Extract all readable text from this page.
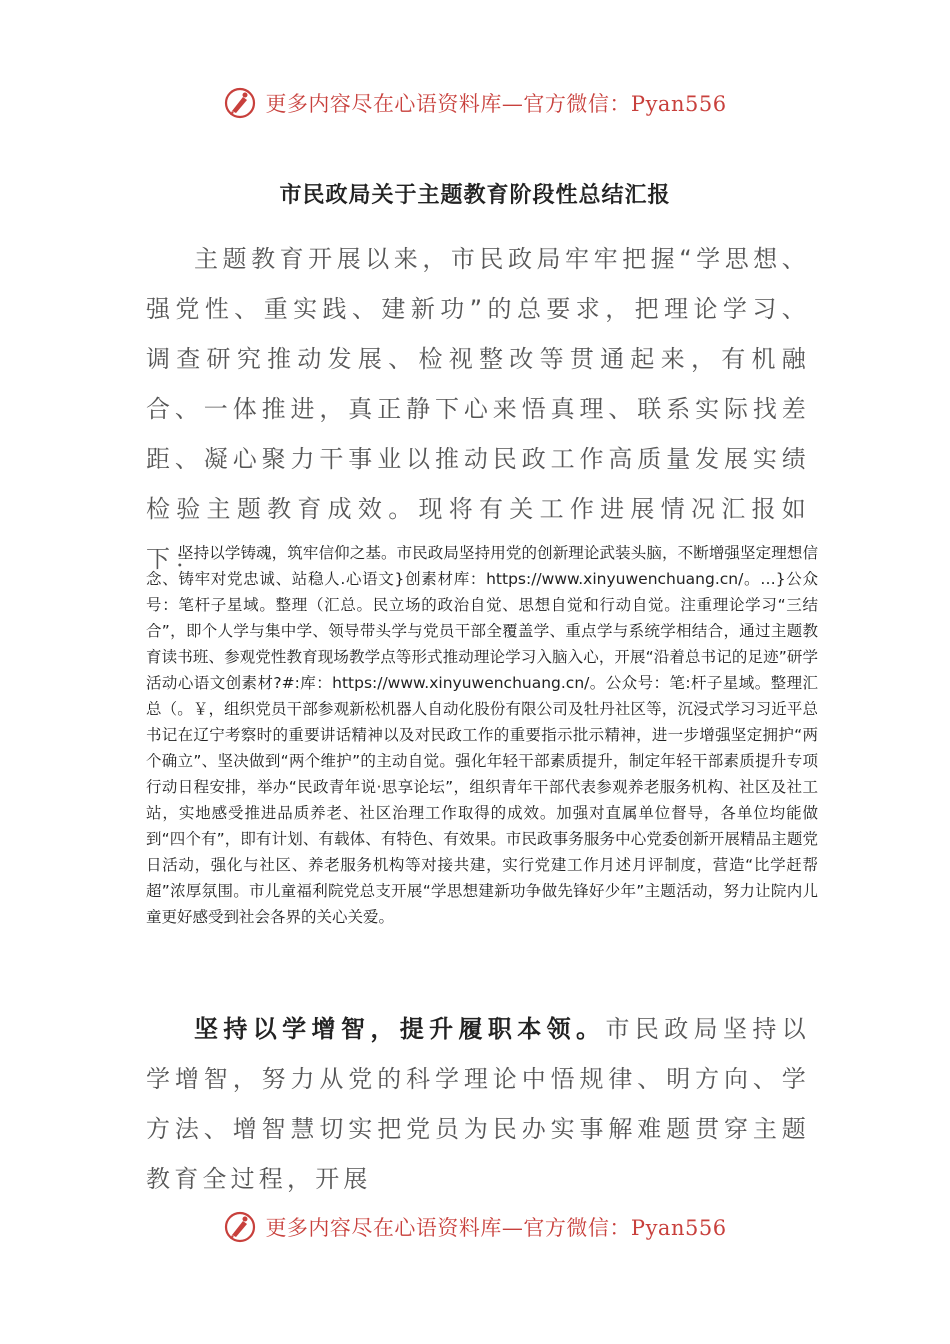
更多内容尽在心语资料库—官方微信：Pyan556
市民政局关于主题教育阶段性总结汇报

主题教育开展以来，市民政局牢牢把握“学思想、强党性、重实践、建新功”的总要求，把理论学习、调查研究推动发展、检视整改等贯通起来，有机融合、一体推进，真正静下心来悟真理、联系实际找差距、凝心聚力干事业以推动民政工作高质量发展实绩检验主题教育成效。现将有关工作进展情况汇报如下：

坚持以学铸魂，筑牢信仰之基。市民政局坚持用党的创新理论武装头脑，不断增强坚定理想信念、铸牢对党忠诚、站稳人.心语文}创素材库：https://www.xinyuwenchuang.cn/。…}公众号：笔杆子星域。整理（汇总。民立场的政治自觉、思想自觉和行动自觉。注重理论学习“三结合”，即个人学与集中学、领导带头学与党员干部全覆盖学、重点学与系统学相结合，通过主题教育读书班、参观党性教育现场教学点等形式推动理论学习入脑入心，开展“沿着总书记的足迹”研学活动心语文创素材?#:库：https://www.xinyuwenchuang.cn/。公众号：笔:杆子星域。整理汇总（。￥，组织党员干部参观新松机器人自动化股份有限公司及牡丹社区等，沉浸式学习习近平总书记在辽宁考察时的重要讲话精神以及对民政工作的重要指示批示精神，进一步增强坚定拥护“两个确立”、坚决做到“两个维护”的主动自觉。强化年轻干部素质提升，制定年轻干部素质提升专项行动日程安排，举办“民政青年说·思享论坛”，组织青年干部代表参观养老服务机构、社区及社工站，实地感受推进品质养老、社区治理工作取得的成效。加强对直属单位督导，各单位均能做到“四个有”，即有计划、有载体、有特色、有效果。市民政事务服务中心党委创新开展精品主题党日活动，强化与社区、养老服务机构等对接共建，实行党建工作月述月评制度，营造“比学赶帮超”浓厚氛围。市儿童福利院党总支开展“学思想建新功争做先锋好少年”主题活动，努力让院内儿童更好感受到社会各界的关心关爱。

坚持以学增智，提升履职本领。市民政局坚持以学增智，努力从党的科学理论中悟规律、明方向、学方法、增智慧切实把党员为民办实事解难题贯穿主题教育全过程，开展

更多内容尽在心语资料库—官方微信：Pyan556
